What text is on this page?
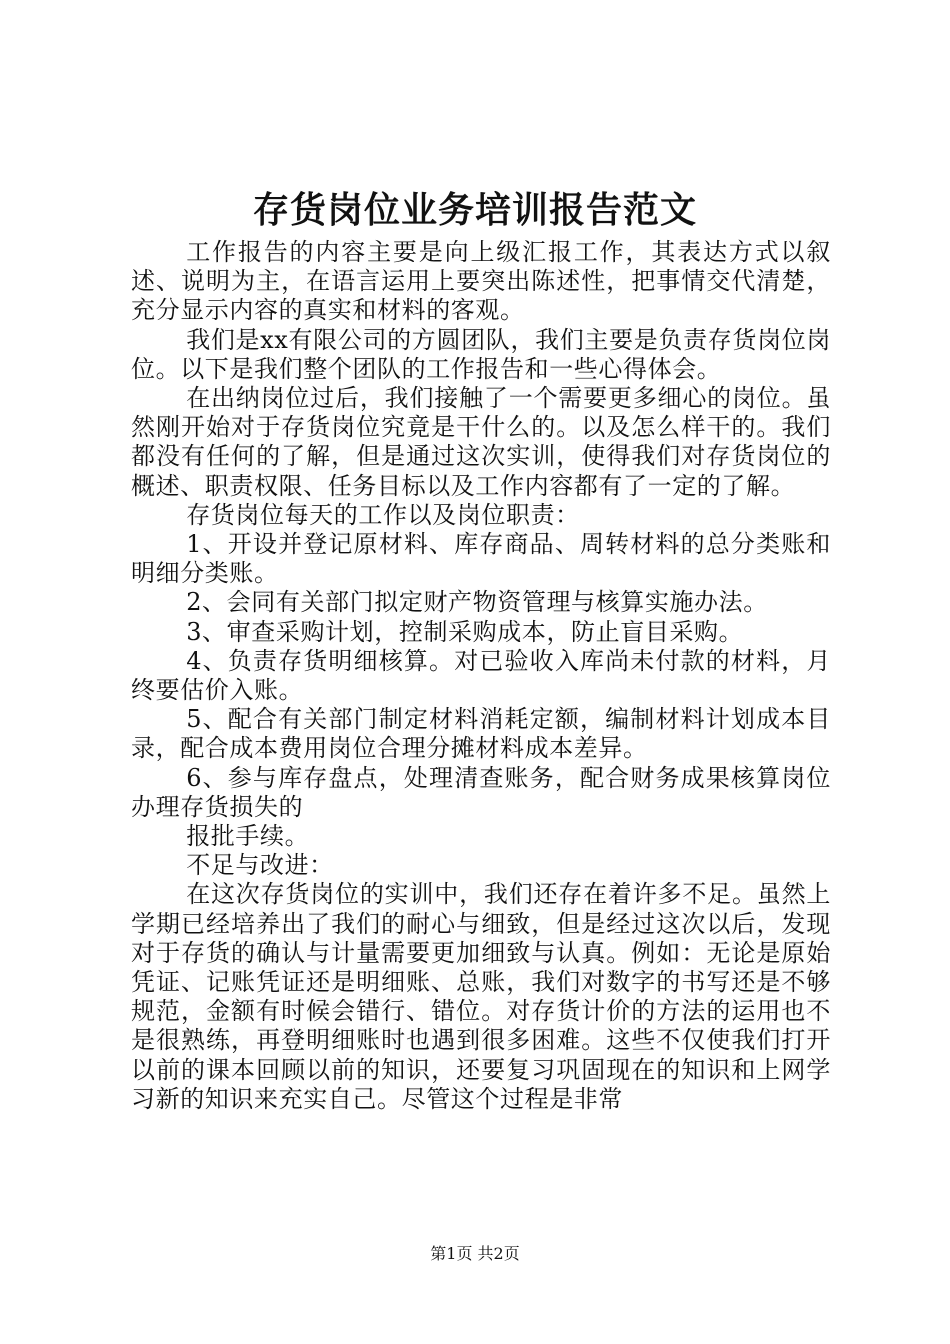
存货岗位业务培训报告范文

工作报告的内容主要是向上级汇报工作，其表达方式以叙述、说明为主，在语言运用上要突出陈述性，把事情交代清楚，充分显示内容的真实和材料的客观。

我们是xx有限公司的方圆团队，我们主要是负责存货岗位岗位。以下是我们整个团队的工作报告和一些心得体会。

在出纳岗位过后，我们接触了一个需要更多细心的岗位。虽然刚开始对于存货岗位究竟是干什么的。以及怎么样干的。我们都没有任何的了解，但是通过这次实训，使得我们对存货岗位的概述、职责权限、任务目标以及工作内容都有了一定的了解。

存货岗位每天的工作以及岗位职责：

1、开设并登记原材料、库存商品、周转材料的总分类账和明细分类账。

2、会同有关部门拟定财产物资管理与核算实施办法。

3、审查采购计划，控制采购成本，防止盲目采购。

4、负责存货明细核算。对已验收入库尚未付款的材料，月终要估价入账。

5、配合有关部门制定材料消耗定额，编制材料计划成本目录，配合成本费用岗位合理分摊材料成本差异。

6、参与库存盘点，处理清查账务，配合财务成果核算岗位办理存货损失的

报批手续。

不足与改进：

在这次存货岗位的实训中，我们还存在着许多不足。虽然上学期已经培养出了我们的耐心与细致，但是经过这次以后，发现对于存货的确认与计量需要更加细致与认真。例如：无论是原始凭证、记账凭证还是明细账、总账，我们对数字的书写还是不够规范，金额有时候会错行、错位。对存货计价的方法的运用也不是很熟练，再登明细账时也遇到很多困难。这些不仅使我们打开以前的课本回顾以前的知识，还要复习巩固现在的知识和上网学习新的知识来充实自己。尽管这个过程是非常

第1页 共2页
